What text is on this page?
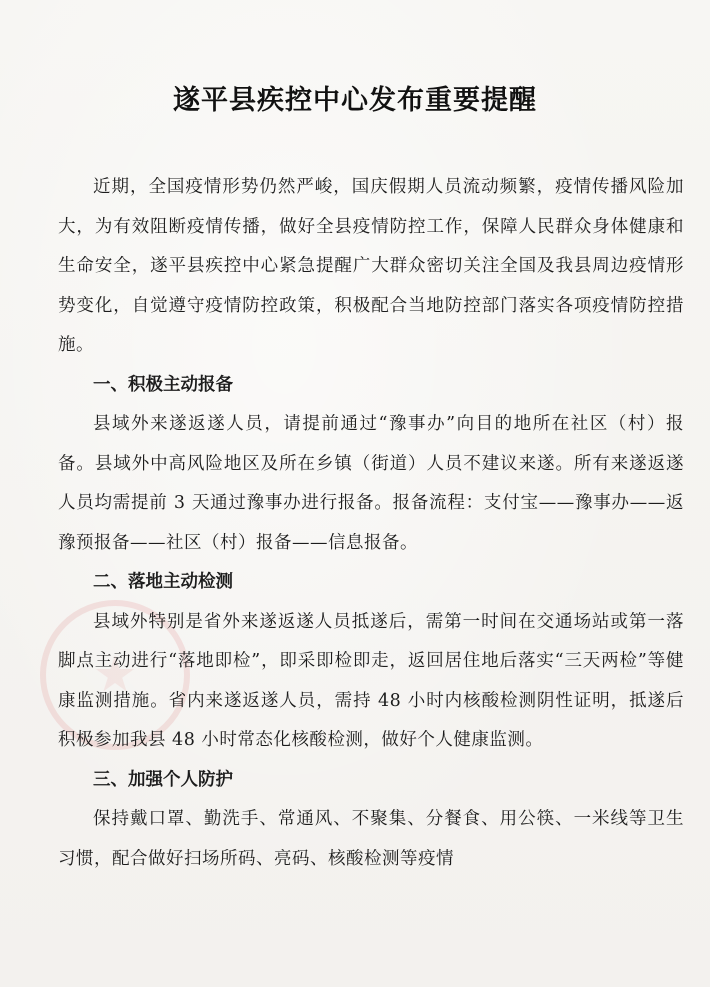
遂平县疾控中心发布重要提醒

近期，全国疫情形势仍然严峻，国庆假期人员流动频繁，疫情传播风险加大，为有效阻断疫情传播，做好全县疫情防控工作，保障人民群众身体健康和生命安全，遂平县疾控中心紧急提醒广大群众密切关注全国及我县周边疫情形势变化，自觉遵守疫情防控政策，积极配合当地防控部门落实各项疫情防控措施。

一、积极主动报备

县域外来遂返遂人员，请提前通过“豫事办”向目的地所在社区（村）报备。县域外中高风险地区及所在乡镇（街道）人员不建议来遂。所有来遂返遂人员均需提前 3 天通过豫事办进行报备。报备流程：支付宝——豫事办——返豫预报备——社区（村）报备——信息报备。

二、落地主动检测

县域外特别是省外来遂返遂人员抵遂后，需第一时间在交通场站或第一落脚点主动进行“落地即检”，即采即检即走，返回居住地后落实“三天两检”等健康监测措施。省内来遂返遂人员，需持 48 小时内核酸检测阴性证明，抵遂后积极参加我县 48 小时常态化核酸检测，做好个人健康监测。

三、加强个人防护

保持戴口罩、勤洗手、常通风、不聚集、分餐食、用公筷、一米线等卫生习惯，配合做好扫场所码、亮码、核酸检测等疫情
